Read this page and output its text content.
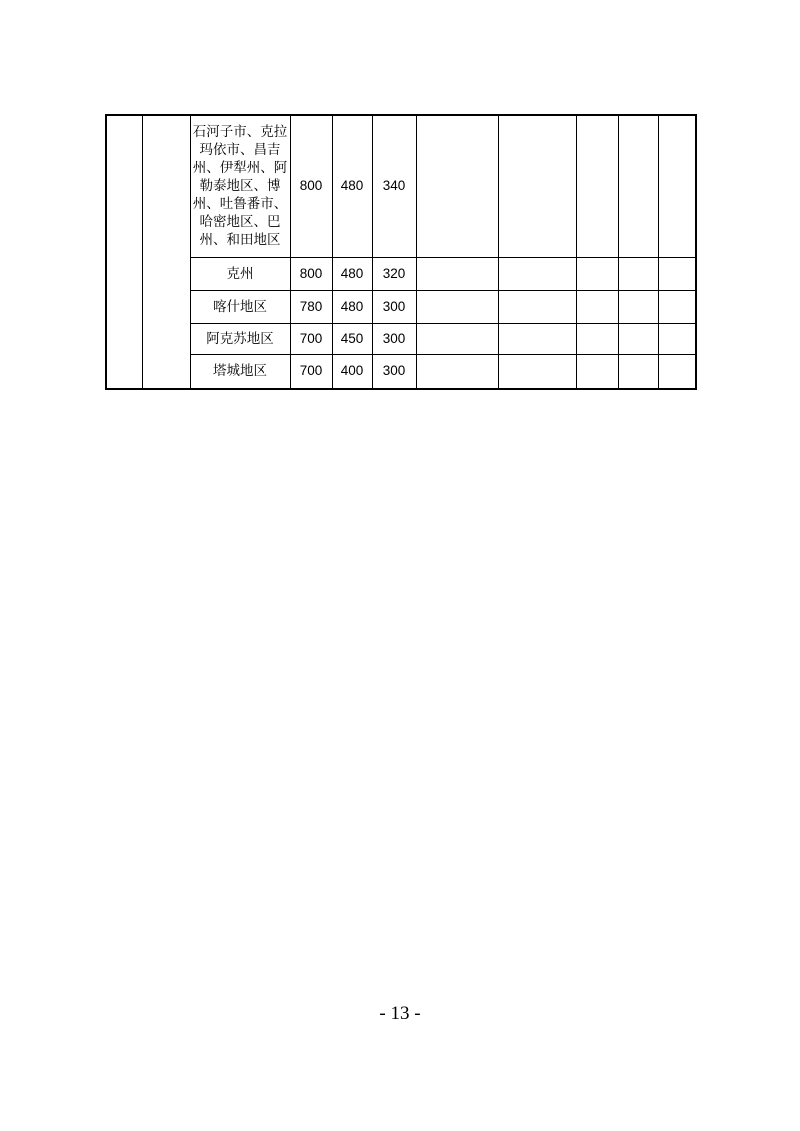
		石河子市、克拉玛依市、昌吉州、伊犁州、阿勒泰地区、博州、吐鲁番市、哈密地区、巴州、和田地区	800	480	340					
		克州	800	480	320					
		喀什地区	780	480	300					
		阿克苏地区	700	450	300					
		塔城地区	700	400	300					
- 13 -
